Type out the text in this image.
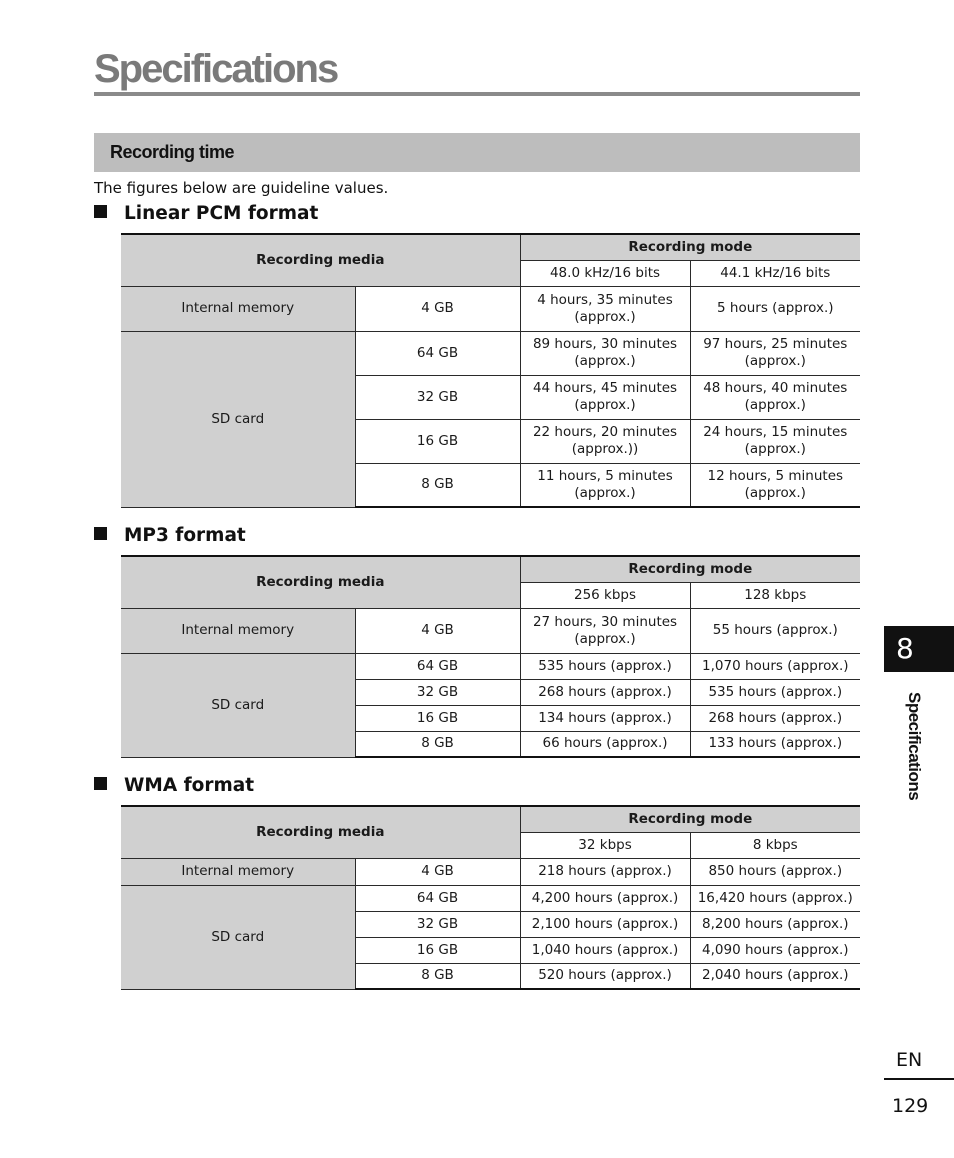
Specifications
Recording time
The figures below are guideline values.
Linear PCM format
Recording media		Recording mode	
		48.0 kHz/16 bits	44.1 kHz/16 bits
Internal memory	4 GB	4 hours, 35 minutes (approx.)	5 hours (approx.)
SD card	64 GB	89 hours, 30 minutes (approx.)	97 hours, 25 minutes (approx.)
	32 GB	44 hours, 45 minutes (approx.)	48 hours, 40 minutes (approx.)
	16 GB	22 hours, 20 minutes (approx.))	24 hours, 15 minutes (approx.)
	8 GB	11 hours, 5 minutes (approx.)	12 hours, 5 minutes (approx.)
MP3 format
Recording media		Recording mode	
		256 kbps	128 kbps
Internal memory	4 GB	27 hours, 30 minutes (approx.)	55 hours (approx.)
SD card	64 GB	535 hours (approx.)	1,070 hours (approx.)
	32 GB	268 hours (approx.)	535 hours (approx.)
	16 GB	134 hours (approx.)	268 hours (approx.)
	8 GB	66 hours (approx.)	133 hours (approx.)
WMA format
Recording media		Recording mode	
		32 kbps	8 kbps
Internal memory	4 GB	218 hours (approx.)	850 hours (approx.)
SD card	64 GB	4,200 hours (approx.)	16,420 hours (approx.)
	32 GB	2,100 hours (approx.)	8,200 hours (approx.)
	16 GB	1,040 hours (approx.)	4,090 hours (approx.)
	8 GB	520 hours (approx.)	2,040 hours (approx.)
8
Specifications
EN
129
